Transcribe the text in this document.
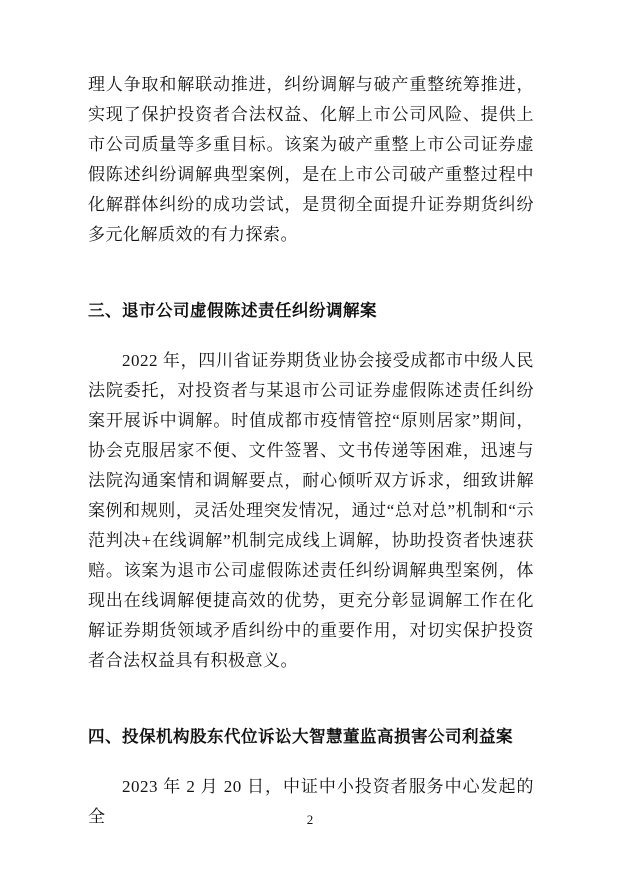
理人争取和解联动推进，纠纷调解与破产重整统筹推进，实现了保护投资者合法权益、化解上市公司风险、提供上市公司质量等多重目标。该案为破产重整上市公司证券虚假陈述纠纷调解典型案例，是在上市公司破产重整过程中化解群体纠纷的成功尝试，是贯彻全面提升证券期货纠纷多元化解质效的有力探索。

三、退市公司虚假陈述责任纠纷调解案

2022 年，四川省证券期货业协会接受成都市中级人民法院委托，对投资者与某退市公司证券虚假陈述责任纠纷案开展诉中调解。时值成都市疫情管控“原则居家”期间，协会克服居家不便、文件签署、文书传递等困难，迅速与法院沟通案情和调解要点，耐心倾听双方诉求，细致讲解案例和规则，灵活处理突发情况，通过“总对总”机制和“示范判决+在线调解”机制完成线上调解，协助投资者快速获赔。该案为退市公司虚假陈述责任纠纷调解典型案例，体现出在线调解便捷高效的优势，更充分彰显调解工作在化解证券期货领域矛盾纠纷中的重要作用，对切实保护投资者合法权益具有积极意义。

四、投保机构股东代位诉讼大智慧董监高损害公司利益案

2023 年 2 月 20 日，中证中小投资者服务中心发起的全	2
